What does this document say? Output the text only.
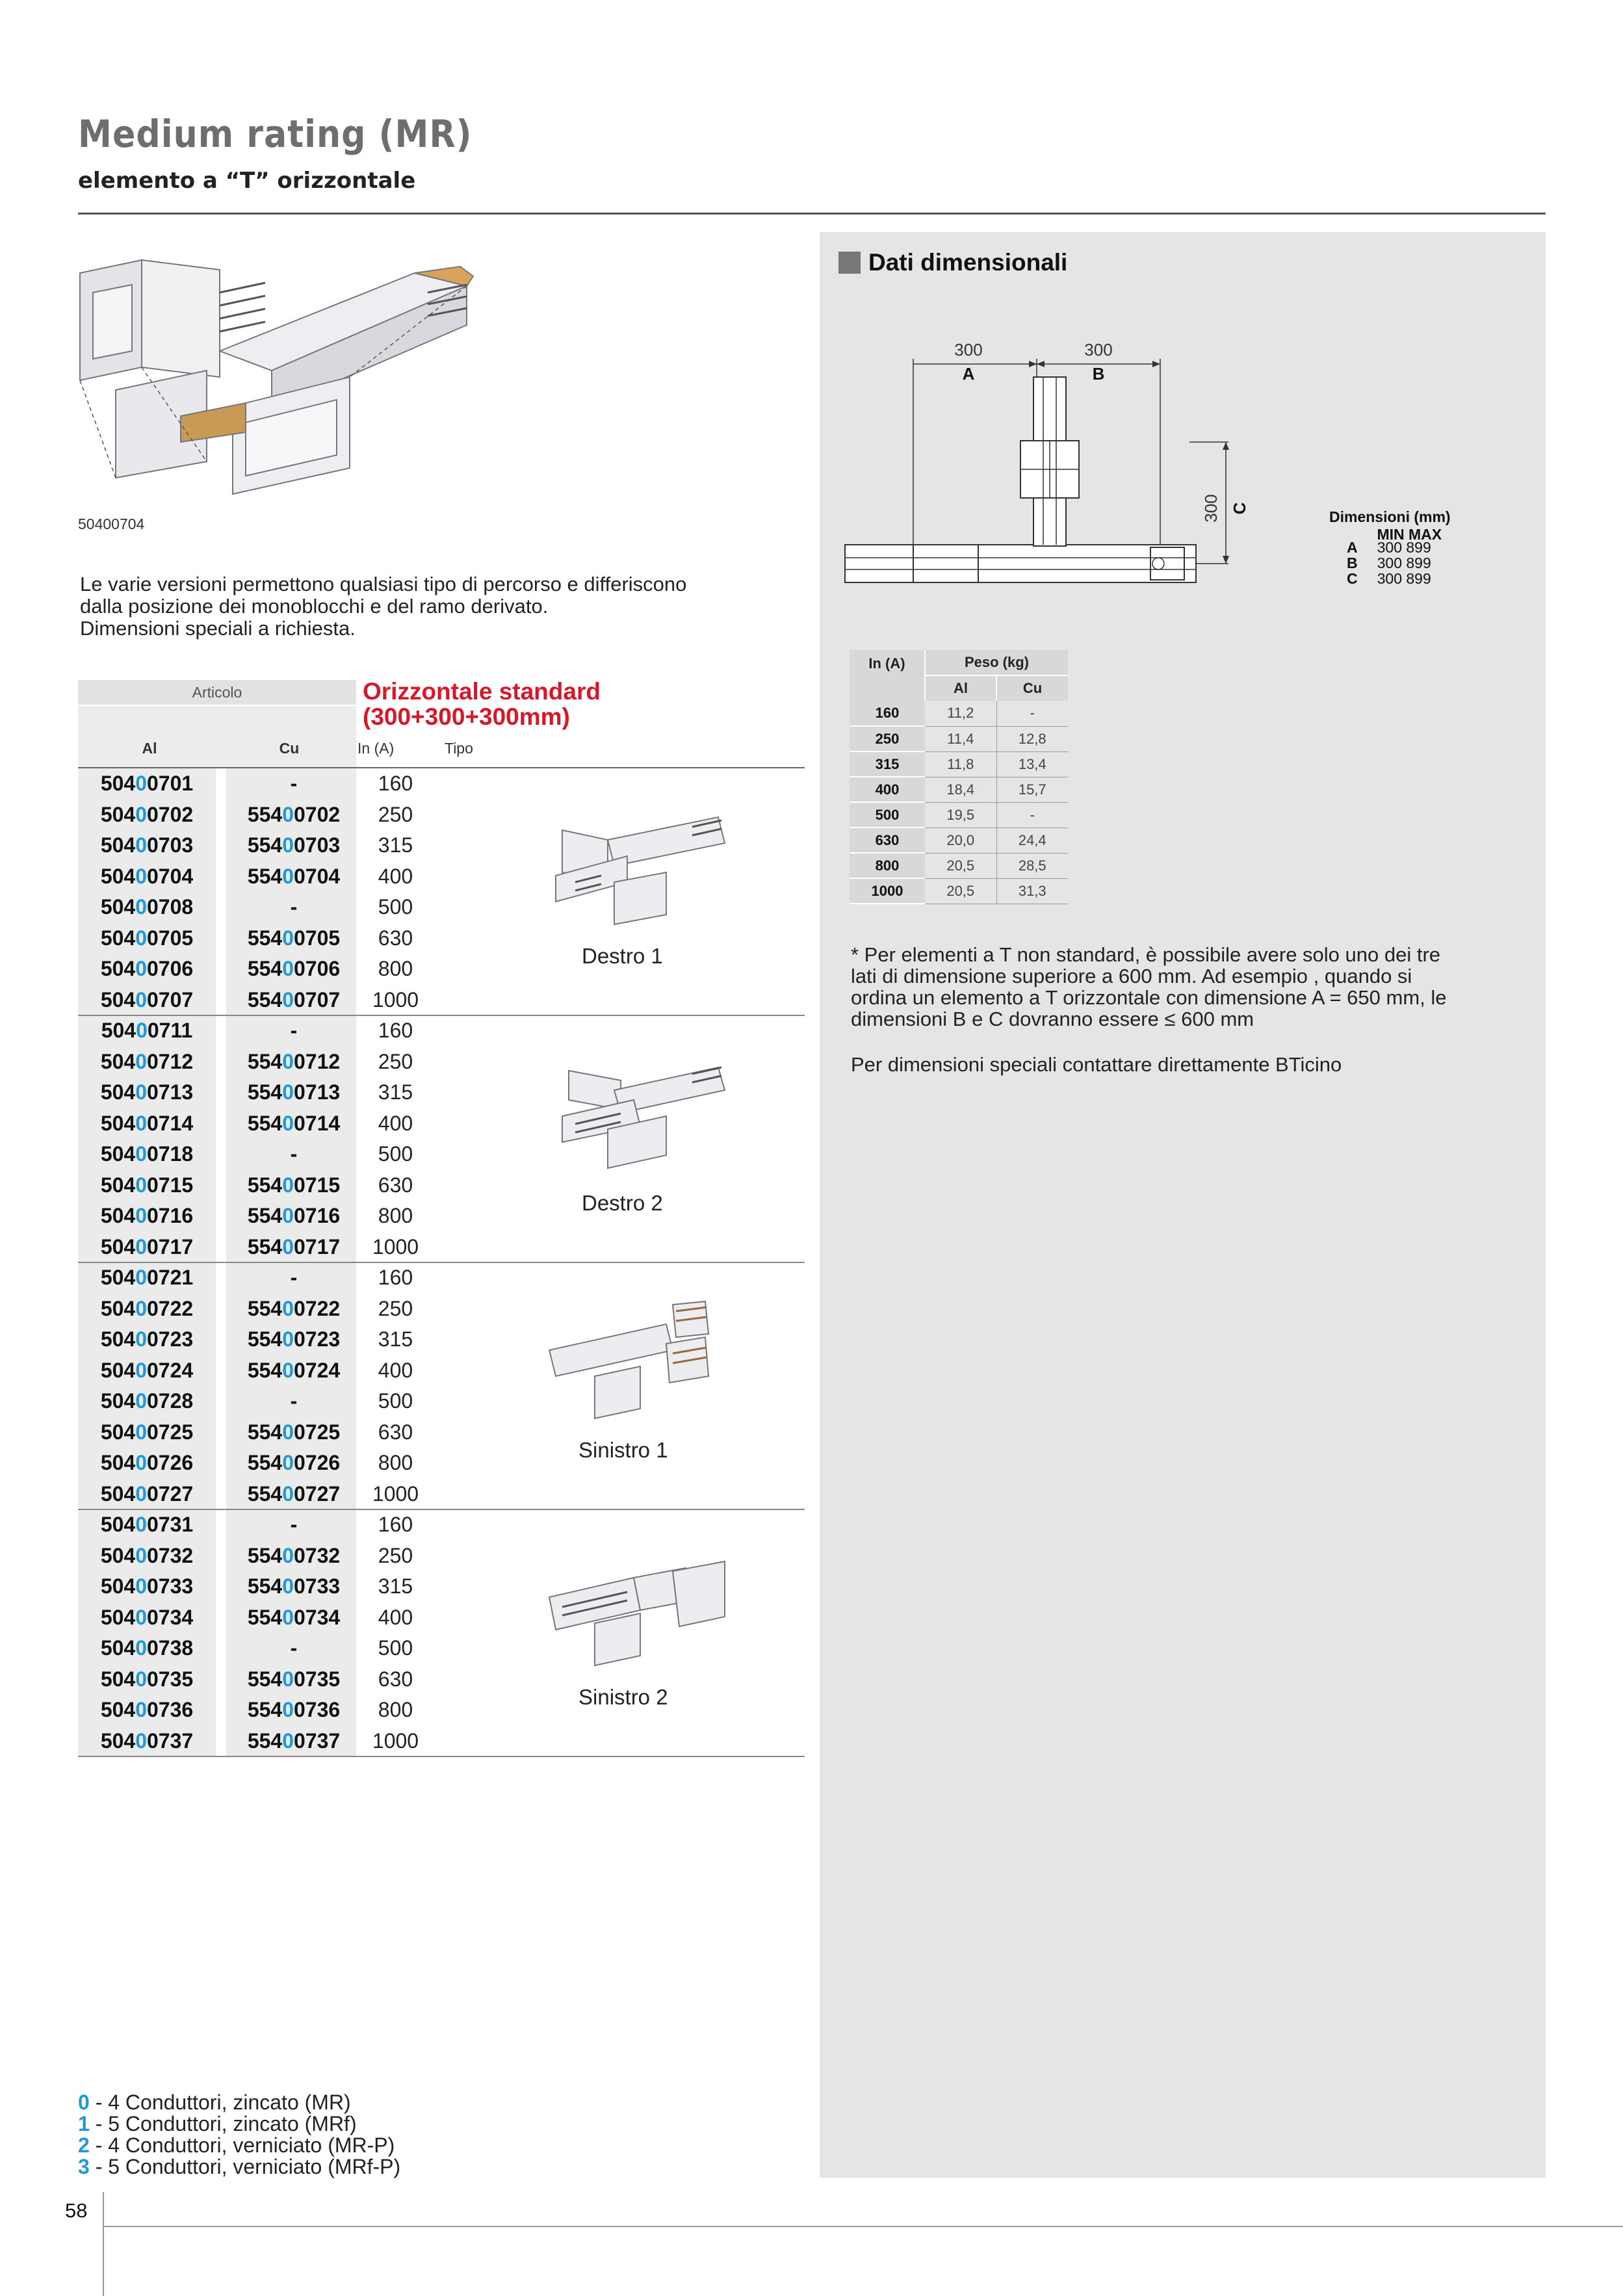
Medium rating (MR)
elemento a “T” orizzontale
50400704
Le varie versioni permettono qualsiasi tipo di percorso e differiscono
dalla posizione dei monoblocchi e del ramo derivato.
Dimensioni speciali a richiesta.
Dati dimensionali
300
A
300
B
300 C	Dimensioni (mm)
MIN MAX
A 300 899
B 300 899
C 300 899
In (A)	Peso (kg)	
	Al	Cu
160	11,2	-
250	11,4	12,8
315	11,8	13,4
400	18,4	15,7
500	19,5	-
630	20,0	24,4
800	20,5	28,5
1000	20,5	31,3
* Per elementi a T non standard, è possibile avere solo uno dei tre
lati di dimensione superiore a 600 mm. Ad esempio , quando si
ordina un elemento a T orizzontale con dimensione A = 650 mm, le
dimensioni B e C dovranno essere ≤ 600 mm
Per dimensioni speciali contattare direttamente BTicino
Articolo	Orizzontale standard
(300+300+300mm)
Al	Cu	In (A)	Tipo
50400701	-	160
50400702	55400702	250
50400703	55400703	315
50400704	55400704	400
50400708	-	500
50400705	55400705	630
50400706	55400706	800
50400707	55400707	1000
Destro 1
50400711	-	160
50400712	55400712	250
50400713	55400713	315
50400714	55400714	400
50400718	-	500
50400715	55400715	630
50400716	55400716	800
50400717	55400717	1000
Destro 2
50400721	-	160
50400722	55400722	250
50400723	55400723	315
50400724	55400724	400
50400728	-	500
50400725	55400725	630
50400726	55400726	800
50400727	55400727	1000
Sinistro 1
50400731	-	160
50400732	55400732	250
50400733	55400733	315
50400734	55400734	400
50400738	-	500
50400735	55400735	630
50400736	55400736	800
50400737	55400737	1000
Sinistro 2
0 - 4 Conduttori, zincato (MR)
1 - 5 Conduttori, zincato (MRf)
2 - 4 Conduttori, verniciato (MR-P)
3 - 5 Conduttori, verniciato (MRf-P)
58
